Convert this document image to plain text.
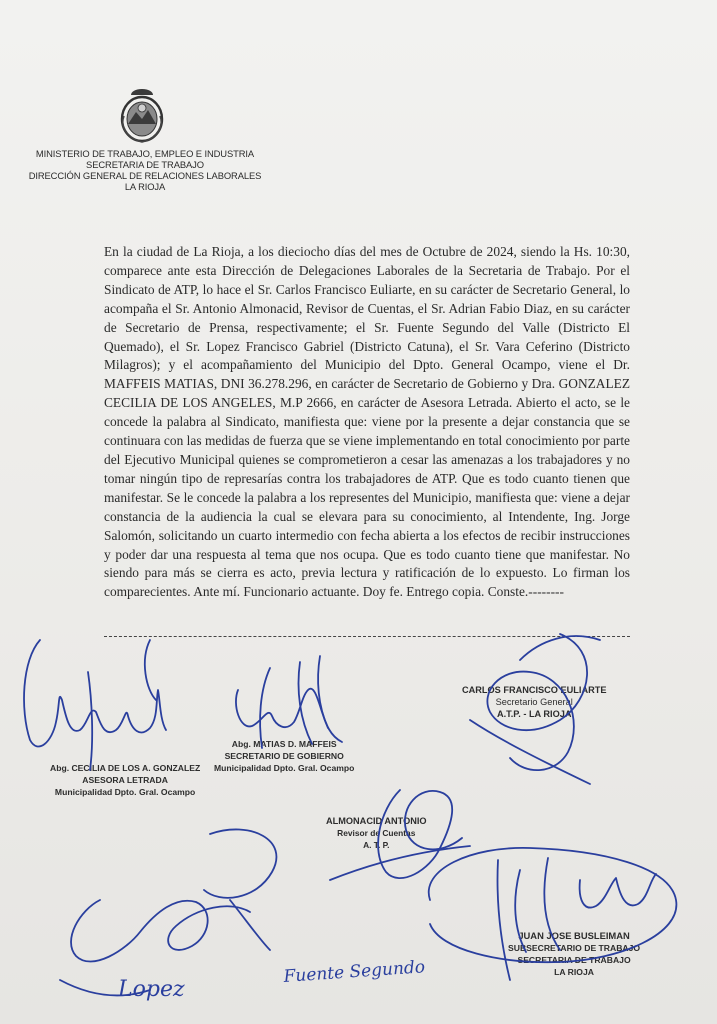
MINISTERIO DE TRABAJO, EMPLEO E INDUSTRIA
SECRETARIA DE TRABAJO
DIRECCIÓN GENERAL DE RELACIONES LABORALES
LA RIOJA

En la ciudad de La Rioja, a los dieciocho días del mes de Octubre de 2024, siendo la Hs. 10:30, comparece ante esta Dirección de Delegaciones Laborales de la Secretaria de Trabajo. Por el Sindicato de ATP, lo hace el Sr. Carlos Francisco Euliarte, en su carácter de Secretario General, lo acompaña el Sr. Antonio Almonacid, Revisor de Cuentas, el Sr. Adrian Fabio Diaz, en su carácter de Secretario de Prensa, respectivamente; el Sr. Fuente Segundo del Valle (Districto El Quemado), el Sr. Lopez Francisco Gabriel (Districto Catuna), el Sr. Vara Ceferino (Districto Milagros); y el acompañamiento del Municipio del Dpto. General Ocampo, viene el Dr. MAFFEIS MATIAS, DNI 36.278.296, en carácter de Secretario de Gobierno y Dra. GONZALEZ CECILIA DE LOS ANGELES, M.P 2666, en carácter de Asesora Letrada. Abierto el acto, se le concede la palabra al Sindicato, manifiesta que: viene por la presente a dejar constancia que se continuara con las medidas de fuerza que se viene implementando en total conocimiento por parte del Ejecutivo Municipal quienes se comprometieron a cesar las amenazas a los trabajadores y no tomar ningún tipo de represarías contra los trabajadores de ATP. Que es todo cuanto tienen que manifestar. Se le concede la palabra a los representes del Municipio, manifiesta que: viene a dejar constancia de la audiencia la cual se elevara para su conocimiento, al Intendente, Ing. Jorge Salomón, solicitando un cuarto intermedio con fecha abierta a los efectos de recibir instrucciones y poder dar una respuesta al tema que nos ocupa. Que es todo cuanto tiene que manifestar. No siendo para más se cierra es acto, previa lectura y ratificación de lo expuesto. Lo firman los comparecientes. Ante mí. Funcionario actuante. Doy fe. Entrego copia. Conste.--------

Abg. CECILIA DE LOS A. GONZALEZ
ASESORA LETRADA
Municipalidad Dpto. Gral. Ocampo
Abg. MATIAS D. MAFFEIS
SECRETARIO DE GOBIERNO
Municipalidad Dpto. Gral. Ocampo
CARLOS FRANCISCO EULIARTE
Secretario General
A.T.P. - LA RIOJA
ALMONACID ANTONIO
Revisor de Cuentas
A. T. P.
JUAN JOSE BUSLEIMAN
SUBSECRETARIO DE TRABAJO
SECRETARIA DE TRABAJO
LA RIOJA
Lopez
Fuente Segundo
